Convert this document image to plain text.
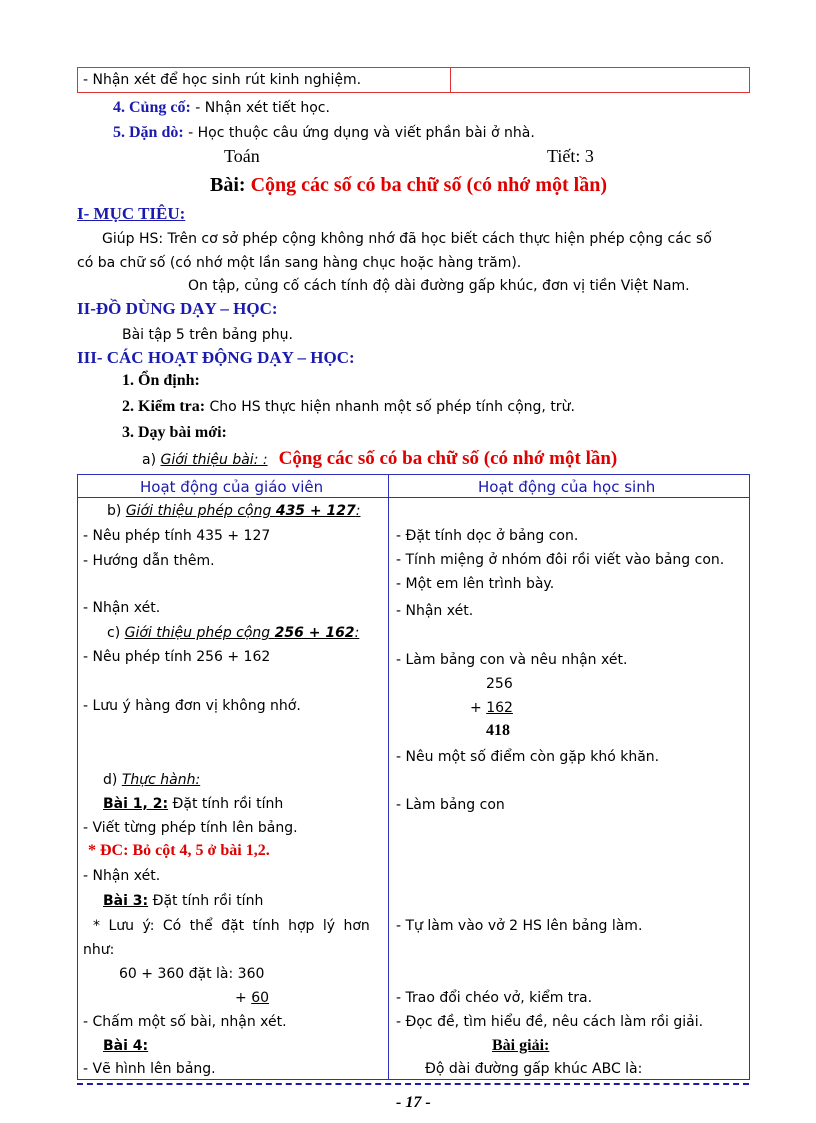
- Nhận xét để học sinh rút kinh nghiệm.
4. Củng cố: - Nhận xét tiết học.
5. Dặn dò: - Học thuộc câu ứng dụng và viết phần bài ở nhà.
Toán	Tiết: 3
Bài: Cộng các số có ba chữ số (có nhớ một lần)
I- MỤC TIÊU:
Giúp HS: Trên cơ sở phép cộng không nhớ đã học biết cách thực hiện phép cộng các số
có ba chữ số (có nhớ một lần sang hàng chục hoặc hàng trăm).
On tập, củng cố cách tính độ dài đường gấp khúc, đơn vị tiền Việt Nam.
II-ĐỒ DÙNG DẠY – HỌC:
Bài tập 5 trên bảng phụ.
III- CÁC HOẠT ĐỘNG DẠY – HỌC:
1. Ổn định:
2. Kiểm tra: Cho HS thực hiện nhanh một số phép tính cộng, trừ.
3. Dạy bài mới:
a) Giới thiệu bài: : Cộng các số có ba chữ số (có nhớ một lần)
Hoạt động của giáo viên	Hoạt động của học sinh
b) Giới thiệu phép cộng 435 + 127:
- Nêu phép tính 435 + 127
- Hướng dẫn thêm.
- Nhận xét.
c) Giới thiệu phép cộng 256 + 162:
- Nêu phép tính 256 + 162
- Lưu ý hàng đơn vị không nhớ.
d) Thực hành:
Bài 1, 2: Đặt tính rồi tính
- Viết từng phép tính lên bảng.
* ĐC: Bỏ cột 4, 5 ở bài 1,2.
- Nhận xét.
Bài 3: Đặt tính rồi tính
* Lưu ý: Có thể đặt tính hợp lý hơn
như:
60 + 360 đặt là: 360
+ 60
- Chấm một số bài, nhận xét.
Bài 4:
- Vẽ hình lên bảng.
- Đặt tính dọc ở bảng con.
- Tính miệng ở nhóm đôi rồi viết vào bảng con.
- Một em lên trình bày.
- Nhận xét.
- Làm bảng con và nêu nhận xét.
256
+ 162
418
- Nêu một số điểm còn gặp khó khăn.
- Làm bảng con
- Tự làm vào vở 2 HS lên bảng làm.
- Trao đổi chéo vở, kiểm tra.
- Đọc đề, tìm hiểu đề, nêu cách làm rồi giải.
Bài giải:
Độ dài đường gấp khúc ABC là:
- 17 -
